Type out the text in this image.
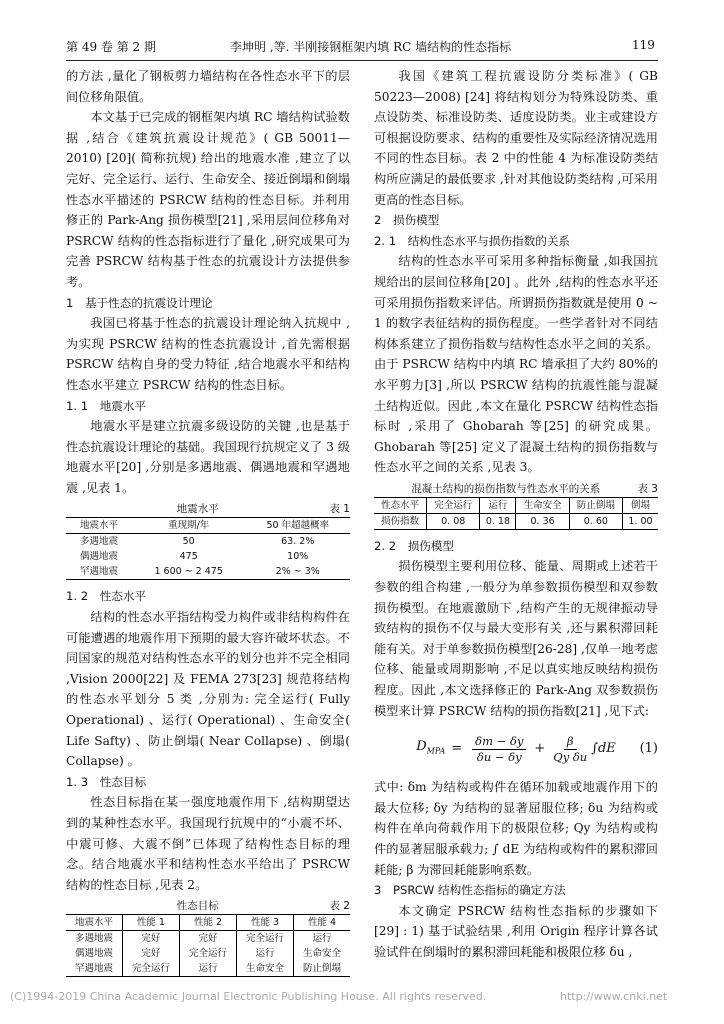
第 49 卷 第 2 期	李坤明 ,等. 半刚接钢框架内填 RC 墙结构的性态指标	119

的方法 ,量化了钢板剪力墙结构在各性态水平下的层间位移角限值。

本文基于已完成的钢框架内填 RC 墙结构试验数据 ,结合《建筑抗震设计规范》( GB 50011—2010) [20]( 简称抗规) 给出的地震水准 ,建立了以完好、完全运行、运行、生命安全、接近倒塌和倒塌性态水平描述的 PSRCW 结构的性态目标。并利用修正的 Park-Ang 损伤模型[21] ,采用层间位移角对 PSRCW 结构的性态指标进行了量化 ,研究成果可为完善 PSRCW 结构基于性态的抗震设计方法提供参考。

1　基于性态的抗震设计理论

我国已将基于性态的抗震设计理论纳入抗规中 ,为实现 PSRCW 结构的性态抗震设计 ,首先需根据 PSRCW 结构自身的受力特征 ,结合地震水平和结构性态水平建立 PSRCW 结构的性态目标。

1. 1　地震水平

地震水平是建立抗震多级设防的关键 ,也是基于性态抗震设计理论的基础。我国现行抗规定义了 3 级地震水平[20] ,分别是多遇地震、偶遇地震和罕遇地震 ,见表 1。

地震水平	表 1
地震水平	重现期/年	50 年超越概率
多遇地震	50	63. 2%
偶遇地震	475	10%
罕遇地震	1 600 ~ 2 475	2% ~ 3%

1. 2　性态水平

结构的性态水平指结构受力构件或非结构构件在可能遭遇的地震作用下预期的最大容许破坏状态。不同国家的规范对结构性态水平的划分也并不完全相同 ,Vision 2000[22] 及 FEMA 273[23] 规范将结构的性态水平划分 5 类 ,分别为: 完全运行( Fully Operational) 、运行( Operational) 、生命安全( Life Safty) 、防止倒塌( Near Collapse) 、倒塌( Collapse) 。

1. 3　性态目标

性态目标指在某一强度地震作用下 ,结构期望达到的某种性态水平。我国现行抗规中的“小震不坏、中震可修、大震不倒”已体现了结构性态目标的理念。结合地震水平和结构性态水平给出了 PSRCW 结构的性态目标 ,见表 2。

性态目标	表 2
地震水平	性能 1	性能 2	性能 3	性能 4
多遇地震	完好	完好	完全运行	运行
偶遇地震	完好	完全运行	运行	生命安全
罕遇地震	完全运行	运行	生命安全	防止倒塌

我国《建筑工程抗震设防分类标准》( GB 50223—2008) [24] 将结构划分为特殊设防类、重点设防类、标准设防类、适度设防类。业主或建设方可根据设防要求、结构的重要性及实际经济情况选用不同的性态目标。表 2 中的性能 4 为标准设防类结构所应满足的最低要求 ,针对其他设防类结构 ,可采用更高的性态目标。

2　损伤模型

2. 1　结构性态水平与损伤指数的关系

结构的性态水平可采用多种指标衡量 ,如我国抗规给出的层间位移角[20] 。此外 ,结构的性态水平还可采用损伤指数来评估。所谓损伤指数就是使用 0 ~ 1 的数字表征结构的损伤程度。一些学者针对不同结构体系建立了损伤指数与结构性态水平之间的关系。由于 PSRCW 结构中内填 RC 墙承担了大约 80%的水平剪力[3] ,所以 PSRCW 结构的抗震性能与混凝土结构近似。因此 ,本文在量化 PSRCW 结构性态指标时 ,采用了 Ghobarah 等[25] 的研究成果。Ghobarah 等[25] 定义了混凝土结构的损伤指数与性态水平之间的关系 ,见表 3。

混凝土结构的损伤指数与性态水平的关系	表 3
性态水平	完全运行	运行	生命安全	防止倒塌	倒塌
损伤指数	0. 08	0. 18	0. 36	0. 60	1. 00

2. 2　损伤模型

损伤模型主要利用位移、能量、周期或上述若干参数的组合构建 ,一般分为单参数损伤模型和双参数损伤模型。在地震激励下 ,结构产生的无规律振动导致结构的损伤不仅与最大变形有关 ,还与累积滞回耗能有关。对于单参数损伤模型[26-28] ,仅单一地考虑位移、能量或周期影响 ,不足以真实地反映结构损伤程度。因此 ,本文选择修正的 Park-Ang 双参数损伤模型来计算 PSRCW 结构的损伤指数[21] ,见下式:

$D_{MPA} = \frac{\delta m - \delta y}{\delta u - \delta y} + \frac{\beta}{\text{Qy δu}} \int dE$ (1)

式中: δm 为结构或构件在循环加载或地震作用下的最大位移; δy 为结构的显著屈服位移; δu 为结构或构件在单向荷载作用下的极限位移; Qy 为结构或构件的显著屈服承载力; ∫ dE 为结构或构件的累积滞回耗能; β 为滞回耗能影响系数。

3　PSRCW 结构性态指标的确定方法

本文确定 PSRCW 结构性态指标的步骤如下[29] : 1) 基于试验结果 ,利用 Origin 程序计算各试验试件在倒塌时的累积滞回耗能和极限位移 δu ,

(C)1994-2019 China Academic Journal Electronic Publishing House. All rights reserved.	http://www.cnki.net
